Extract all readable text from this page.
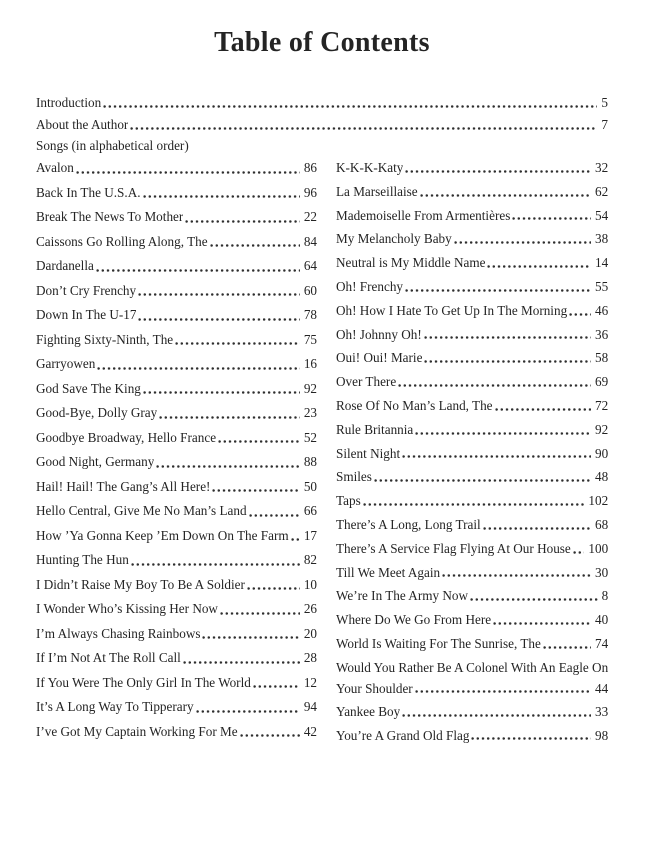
Table of Contents
Introduction	5
About the Author	7
Songs (in alphabetical order)
Avalon	86
Back In The U.S.A.	96
Break The News To Mother	22
Caissons Go Rolling Along, The	84
Dardanella	64
Don’t Cry Frenchy	60
Down In The U-17	78
Fighting Sixty-Ninth, The	75
Garryowen	16
God Save The King	92
Good-Bye, Dolly Gray	23
Goodbye Broadway, Hello France	52
Good Night, Germany	88
Hail! Hail! The Gang’s All Here!	50
Hello Central, Give Me No Man’s Land	66
How ’Ya Gonna Keep ’Em Down On The Farm 17
Hunting The Hun	82
I Didn’t Raise My Boy To Be A Soldier	10
I Wonder Who’s Kissing Her Now	26
I’m Always Chasing Rainbows	20
If I’m Not At The Roll Call	28
If You Were The Only Girl In The World	12
It’s A Long Way To Tipperary	94
I’ve Got My Captain Working For Me	42
K-K-K-Katy	32
La Marseillaise	62
Mademoiselle From Armentières	54
My Melancholy Baby	38
Neutral is My Middle Name	14
Oh! Frenchy	55
Oh! How I Hate To Get Up In The Morning 46
Oh! Johnny Oh!	36
Oui! Oui! Marie	58
Over There	69
Rose Of No Man’s Land, The	72
Rule Britannia	92
Silent Night	90
Smiles	48
Taps	102
There’s A Long, Long Trail	68
There’s A Service Flag Flying At Our House 100
Till We Meet Again	30
We’re In The Army Now	8
Where Do We Go From Here	40
World Is Waiting For The Sunrise, The	74
Would You Rather Be A Colonel With An Eagle On
Your Shoulder	44
Yankee Boy	33
You’re A Grand Old Flag	98
